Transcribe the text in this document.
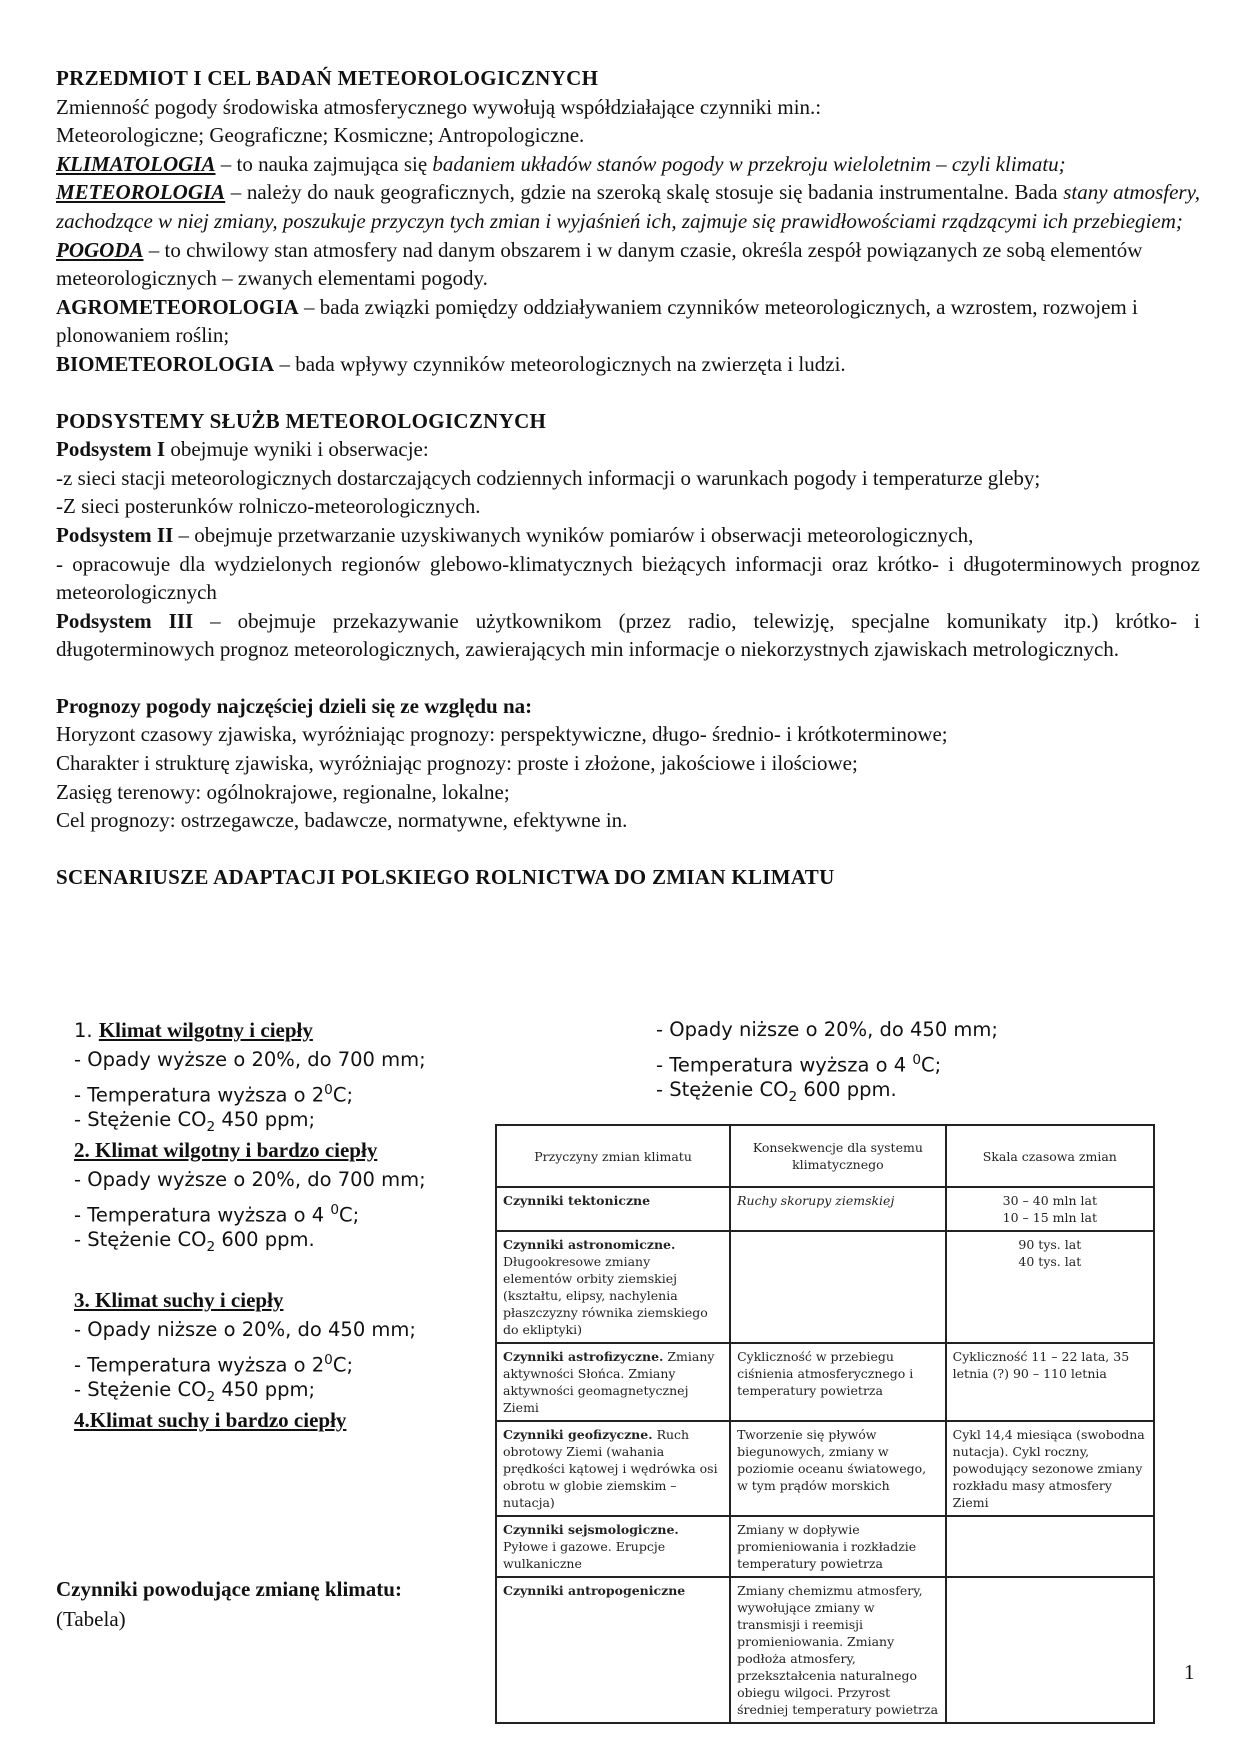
PRZEDMIOT I CEL BADAŃ METEOROLOGICZNYCH
Zmienność pogody środowiska atmosferycznego wywołują współdziałające czynniki min.:
Meteorologiczne; Geograficzne; Kosmiczne; Antropologiczne.
KLIMATOLOGIA – to nauka zajmująca się badaniem układów stanów pogody w przekroju wieloletnim – czyli klimatu;
METEOROLOGIA – należy do nauk geograficznych, gdzie na szeroką skalę stosuje się badania instrumentalne. Bada stany atmosfery, zachodzące w niej zmiany, poszukuje przyczyn tych zmian i wyjaśnień ich, zajmuje się prawidłowościami rządzącymi ich przebiegiem;
POGODA – to chwilowy stan atmosfery nad danym obszarem i w danym czasie, określa zespół powiązanych ze sobą elementów meteorologicznych – zwanych elementami pogody.
AGROMETEOROLOGIA – bada związki pomiędzy oddziaływaniem czynników meteorologicznych, a wzrostem, rozwojem i plonowaniem roślin;
BIOMETEOROLOGIA – bada wpływy czynników meteorologicznych na zwierzęta i ludzi.
PODSYSTEMY SŁUŻB METEOROLOGICZNYCH
Podsystem I obejmuje wyniki i obserwacje:
-z sieci stacji meteorologicznych dostarczających codziennych informacji o warunkach pogody i temperaturze gleby;
-Z sieci posterunków rolniczo-meteorologicznych.
Podsystem II – obejmuje przetwarzanie uzyskiwanych wyników pomiarów i obserwacji meteorologicznych,
- opracowuje dla wydzielonych regionów glebowo-klimatycznych bieżących informacji oraz krótko- i długoterminowych prognoz meteorologicznych
Podsystem III – obejmuje przekazywanie użytkownikom (przez radio, telewizję, specjalne komunikaty itp.) krótko- i długoterminowych prognoz meteorologicznych, zawierających min informacje o niekorzystnych zjawiskach metrologicznych.
Prognozy pogody najczęściej dzieli się ze względu na:
Horyzont czasowy zjawiska, wyróżniając prognozy: perspektywiczne, długo- średnio- i krótkoterminowe;
Charakter i strukturę zjawiska, wyróżniając prognozy: proste i złożone, jakościowe i ilościowe;
Zasięg terenowy: ogólnokrajowe, regionalne, lokalne;
Cel prognozy: ostrzegawcze, badawcze, normatywne, efektywne in.
SCENARIUSZE ADAPTACJI POLSKIEGO ROLNICTWA DO ZMIAN KLIMATU
1. Klimat wilgotny i ciepły
- Opady wyższe o 20%, do 700 mm;
- Temperatura wyższa o $2^0C$;
- Stężenie $CO_2$ 450 ppm;
2. Klimat wilgotny i bardzo ciepły
- Opady wyższe o 20%, do 700 mm;
- Temperatura wyższa o 4 $^0$C;
- Stężenie $CO_2$ 600 ppm.
3. Klimat suchy i ciepły
- Opady niższe o 20%, do 450 mm;
- Temperatura wyższa o $2^0C$;
- Stężenie $CO_2$ 450 ppm;
4.Klimat suchy i bardzo ciepły
- Opady niższe o 20%, do 450 mm;
- Temperatura wyższa o 4 $^0$C;
- Stężenie $CO_2$ 600 ppm.
Czynniki powodujące zmianę klimatu:
(Tabela)
Przyczyny zmian klimatu	Konsekwencje dla systemu klimatycznego	Skala czasowa zmian
Czynniki tektoniczne	Ruchy skorupy ziemskiej	30 – 40 mln lat
10 – 15 mln lat
Czynniki astronomiczne. Długookresowe zmiany elementów orbity ziemskiej (kształtu, elipsy, nachylenia płaszczyzny równika ziemskiego do ekliptyki)		90 tys. lat
40 tys. lat
Czynniki astrofizyczne. Zmiany aktywności Słońca. Zmiany aktywności geomagnetycznej Ziemi	Cykliczność w przebiegu ciśnienia atmosferycznego i temperatury powietrza	Cykliczność 11 – 22 lata, 35 letnia (?) 90 – 110 letnia
Czynniki geofizyczne. Ruch obrotowy Ziemi (wahania prędkości kątowej i wędrówka osi obrotu w globie ziemskim – nutacja)	Tworzenie się pływów biegunowych, zmiany w poziomie oceanu światowego, w tym prądów morskich	Cykl 14,4 miesiąca (swobodna nutacja). Cykl roczny, powodujący sezonowe zmiany rozkładu masy atmosfery Ziemi
Czynniki sejsmologiczne. Pyłowe i gazowe. Erupcje wulkaniczne	Zmiany w dopływie promieniowania i rozkładzie temperatury powietrza	
Czynniki antropogeniczne	Zmiany chemizmu atmosfery, wywołujące zmiany w transmisji i reemisji promieniowania. Zmiany podłoża atmosfery, przekształcenia naturalnego obiegu wilgoci. Przyrost średniej temperatury powietrza	
1
